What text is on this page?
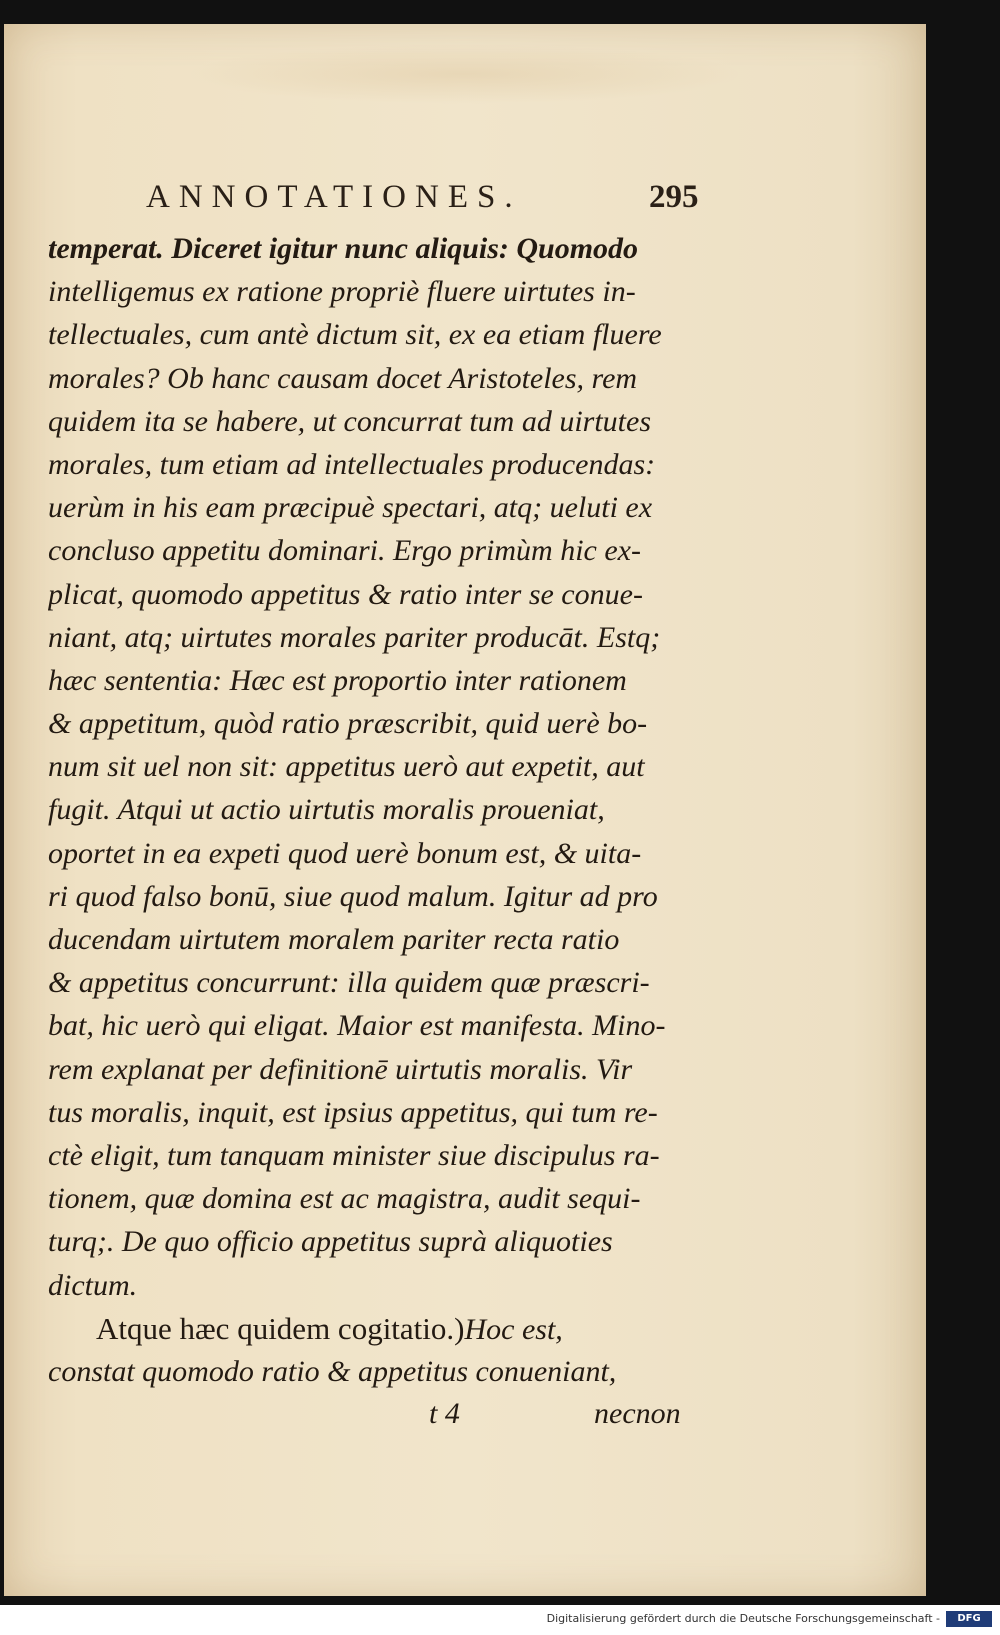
ANNOTATIONES.	295
temperat. Diceret igitur nunc aliquis: Quomodo
intelligemus ex ratione propriè fluere uirtutes in-
tellectuales, cum antè dictum sit, ex ea etiam fluere
morales? Ob hanc causam docet Aristoteles, rem
quidem ita se habere, ut concurrat tum ad uirtutes
morales, tum etiam ad intellectuales producendas:
uerùm in his eam præcipuè spectari, atq; ueluti ex
concluso appetitu dominari. Ergo primùm hic ex-
plicat, quomodo appetitus & ratio inter se conue-
niant, atq; uirtutes morales pariter producāt. Estq;
hæc sententia: Hæc est proportio inter rationem
& appetitum, quòd ratio præscribit, quid uerè bo-
num sit uel non sit: appetitus uerò aut expetit, aut
fugit. Atqui ut actio uirtutis moralis proueniat,
oportet in ea expeti quod uerè bonum est, & uita-
ri quod falso bonū, siue quod malum. Igitur ad pro
ducendam uirtutem moralem pariter recta ratio
& appetitus concurrunt: illa quidem quæ præscri-
bat, hic uerò qui eligat. Maior est manifesta. Mino-
rem explanat per definitionē uirtutis moralis. Vir
tus moralis, inquit, est ipsius appetitus, qui tum re-
ctè eligit, tum tanquam minister siue discipulus ra-
tionem, quæ domina est ac magistra, audit sequi-
turq;. De quo officio appetitus suprà aliquoties
dictum.
Atque hæc quidem cogitatio.)Hoc est,
constat quomodo ratio & appetitus conueniant,
t 4	necnon
Digitalisierung gefördert durch die Deutsche Forschungsgemeinschaft -	DFG
